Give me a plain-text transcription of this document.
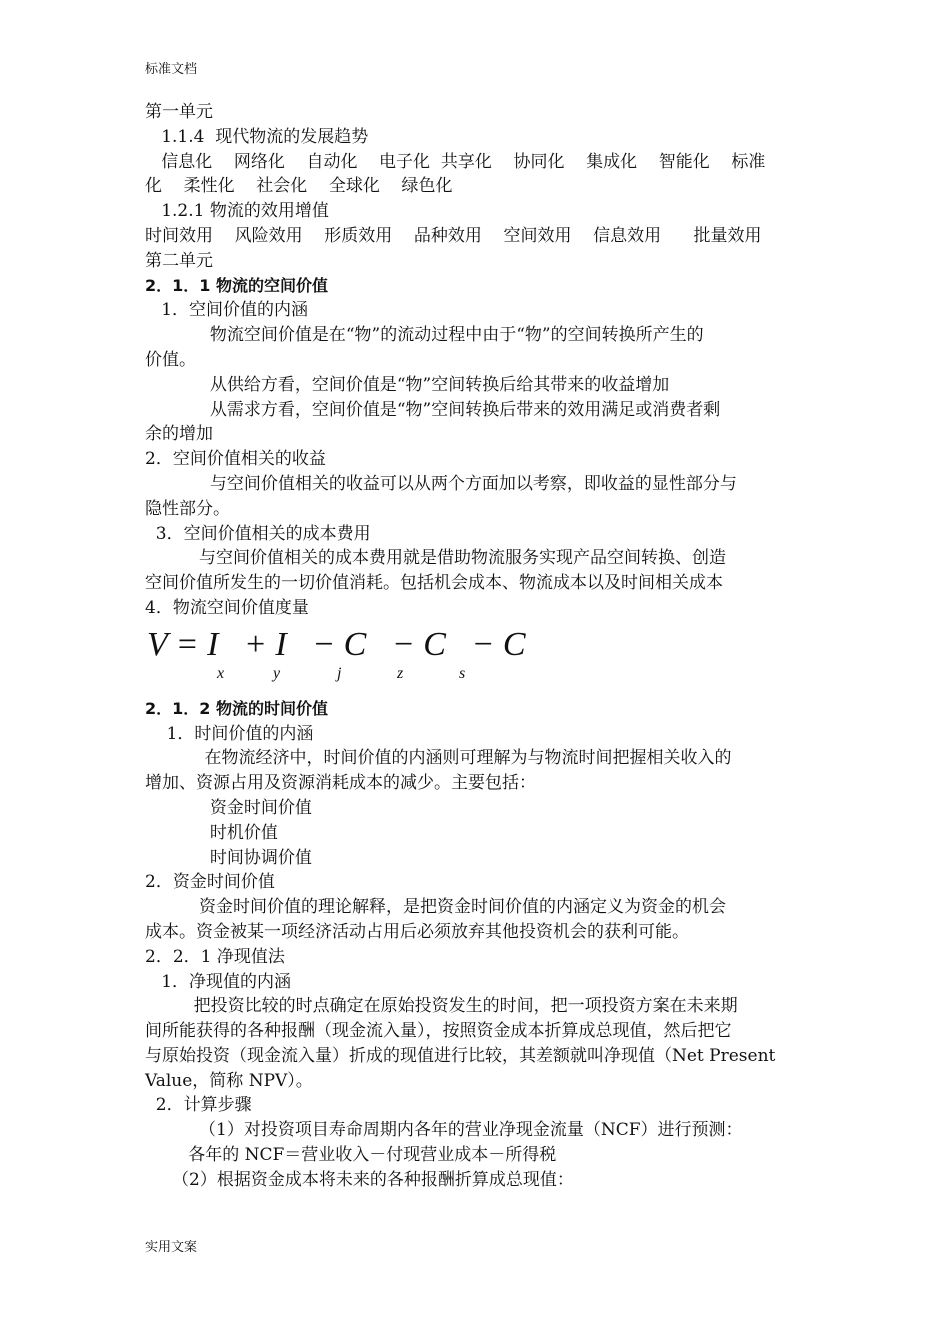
标准文档
第一单元
1.1.4  现代物流的发展趋势
信息化    网络化    自动化    电子化  共享化    协同化    集成化    智能化    标准
化    柔性化    社会化    全球化    绿色化
1.2.1 物流的效用增值
时间效用    风险效用    形质效用    品种效用    空间效用    信息效用      批量效用
第二单元
2．1．1 物流的空间价值
1．空间价值的内涵
物流空间价值是在“物”的流动过程中由于“物”的空间转换所产生的
价值。
从供给方看，空间价值是“物”空间转换后给其带来的收益增加
从需求方看，空间价值是“物”空间转换后带来的效用满足或消费者剩
余的增加
2．空间价值相关的收益
与空间价值相关的收益可以从两个方面加以考察，即收益的显性部分与
隐性部分。
3．空间价值相关的成本费用
与空间价值相关的成本费用就是借助物流服务实现产品空间转换、创造
空间价值所发生的一切价值消耗。包括机会成本、物流成本以及时间相关成本
4．物流空间价值度量
V = I   + I   − C   − C   − C
x	y	j	z	s
2．1．2 物流的时间价值
1．时间价值的内涵
在物流经济中，时间价值的内涵则可理解为与物流时间把握相关收入的
增加、资源占用及资源消耗成本的减少。主要包括：
资金时间价值
时机价值
时间协调价值
2．资金时间价值
资金时间价值的理论解释，是把资金时间价值的内涵定义为资金的机会
成本。资金被某一项经济活动占用后必须放弃其他投资机会的获利可能。
2．2．1 净现值法
1．净现值的内涵
把投资比较的时点确定在原始投资发生的时间，把一项投资方案在未来期
间所能获得的各种报酬（现金流入量），按照资金成本折算成总现值，然后把它
与原始投资（现金流入量）折成的现值进行比较，其差额就叫净现值（Net Present
Value，简称 NPV）。
2．计算步骤
（1）对投资项目寿命周期内各年的营业净现金流量（NCF）进行预测：
各年的 NCF＝营业收入－付现营业成本－所得税
（2）根据资金成本将未来的各种报酬折算成总现值：
实用文案
